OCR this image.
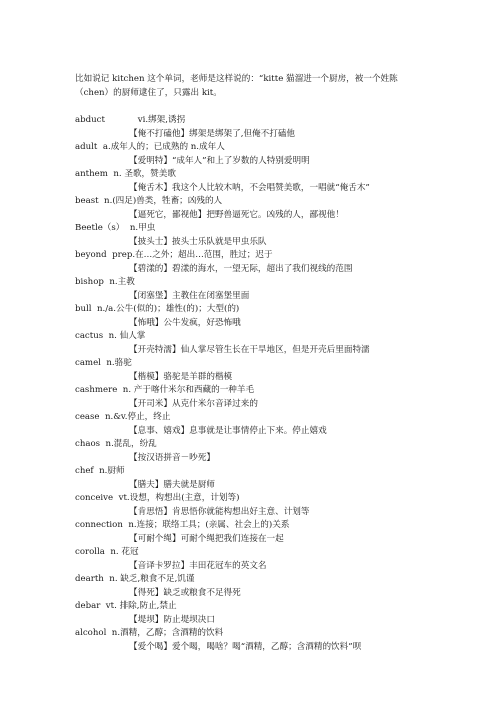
比如说记 kitchen 这个单词，老师是这样说的：“kitte 猫溜进一个厨房，被一个姓陈（chen）的厨师逮住了，只露出 kit。

abduct	vi.绑架,诱拐
【俺不打磕他】绑架是绑架了,但俺不打磕他
adult a.成年人的；已成熟的 n.成年人
【爱明特】“成年人”和上了岁数的人特别爱明明
anthem n. 圣歌，赞美歌
【俺舌木】我这个人比较木呐，不会唱赞美歌，一唱就“俺舌木”
beast n.(四足)兽类，牲畜；凶残的人
【逼死它，鄙视他】把野兽逼死它。凶残的人，鄙视他！
Beetle（s） n.甲虫
【披头士】披头士乐队就是甲虫乐队
beyond prep.在…之外；超出…范围，胜过；迟于
【碧漾的】碧漾的海水，一望无际，超出了我们视线的范围
bishop n.主教
【闭塞堡】主教住在闭塞堡里面
bull n./a.公牛(似的)；雄性(的)；大型(的)
【怖哦】公牛发疯，好恐怖哦
cactus n. 仙人掌
【开壳特濡】仙人掌尽管生长在干旱地区，但是开壳后里面特濡
camel n.骆驼
【楷模】骆驼是羊群的楷模
cashmere n. 产于喀什米尔和西藏的一种羊毛
【开司米】从克什米尔音译过来的
cease n.&v.停止，终止
【息事、嬉戏】息事就是让事情停止下来。停止嬉戏
chaos n.混乱，纷乱
【按汉语拼音－吵死】
chef n.厨师
【膳夫】膳夫就是厨师
conceive vt.设想，构想出(主意，计划等)
【肯思悟】肯思悟你就能构想出好主意、计划等
connection n.连接；联络工具；(亲属、社会上的)关系
【可耐个绳】可耐个绳把我们连接在一起
corolla n. 花冠
【音译卡罗拉】丰田花冠车的英文名
dearth n. 缺乏,粮食不足,饥谨
【得死】缺乏或粮食不足得死
debar vt. 排除,防止,禁止
【堤坝】防止堤坝决口
alcohol n.酒精，乙醇；含酒精的饮料
【爱个喝】爱个喝，喝啥？喝“酒精，乙醇；含酒精的饮料”呗
